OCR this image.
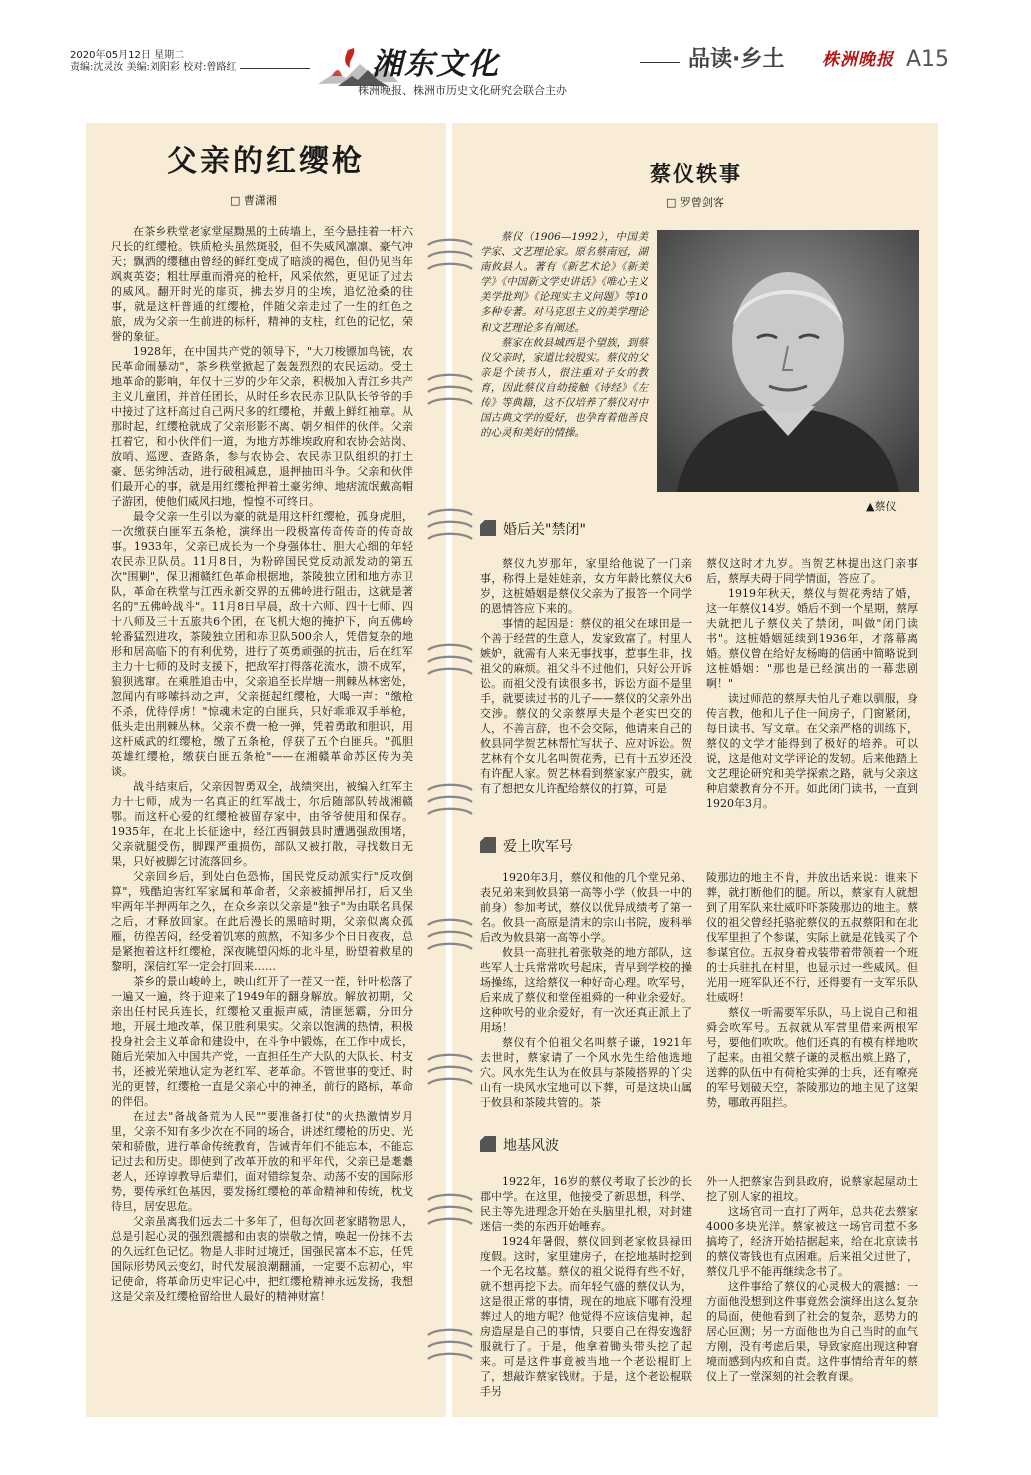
2020年05月12日 星期二
责编:沈灵汝 美编:刘阳彩 校对:曾路红	湘东文化
株洲晚报、株洲市历史文化研究会联合主办
品读·乡土 株洲晚报 A15
父亲的红缨枪
□ 曹潇湘

在茶乡秩堂老家堂屋黝黑的土砖墙上，至今悬挂着一杆六尺长的红缨枪。铁质枪头虽然斑驳，但不失威风凛凛、豪气冲天；飘洒的缨穗由曾经的鲜红变成了暗淡的褐色，但仍见当年飒爽英姿；粗壮厚重而滑亮的枪杆，风采依然，更见证了过去的威风。翻开时光的扉页，拂去岁月的尘埃，追忆沧桑的往事，就是这杆普通的红缨枪，伴随父亲走过了一生的红色之旅，成为父亲一生前进的标杆，精神的支柱，红色的记忆，荣誉的象征。

1928年，在中国共产党的领导下，"大刀梭镖加鸟铳，农民革命闹暴动"，茶乡秩堂掀起了轰轰烈烈的农民运动。受土地革命的影响，年仅十三岁的少年父亲，积极加入青江乡共产主义儿童团，并首任团长，从时任乡农民赤卫队队长爷爷的手中接过了这杆高过自己两尺多的红缨枪，并戴上鲜红袖章。从那时起，红缨枪就成了父亲形影不离、朝夕相伴的伙伴。父亲扛着它，和小伙伴们一道，为地方苏维埃政府和农协会站岗、放哨、巡逻、查路条，参与农协会、农民赤卫队组织的打土豪、惩劣绅活动，进行破租减息，退押抽田斗争。父亲和伙伴们最开心的事，就是用红缨枪押着土豪劣绅、地痞流氓戴高帽子游团，使他们威风扫地，惶惶不可终日。

最令父亲一生引以为豪的就是用这杆红缨枪，孤身虎胆，一次缴获白匪军五条枪，演绎出一段极富传奇传奇的传奇故事。1933年，父亲已成长为一个身强体壮、胆大心细的年轻农民赤卫队员。11月8日，为粉碎国民党反动派发动的第五次"围剿"，保卫湘赣红色革命根据地，茶陵独立团和地方赤卫队，革命在秩堂与江西永新交界的五佛岭进行阻击，这就是著名的"五佛岭战斗"。11月8日早晨，敌十六师、四十七师、四十八师及三十五旅共6个团，在飞机大炮的掩护下，向五佛岭轮番猛烈进攻，茶陵独立团和赤卫队500余人，凭借复杂的地形和居高临下的有利优势，进行了英勇顽强的抗击，后在红军主力十七师的及时支援下，把敌军打得落花流水，溃不成军，狼狈逃窜。在乘胜追击中，父亲追至长岸塘一荆棘丛林密处，忽闻内有哆嗦抖动之声，父亲挺起红缨枪，大喝一声："缴枪不杀，优待俘虏！"惊魂未定的白匪兵，只好乖乖双手举枪，低头走出荆棘丛林。父亲不费一枪一弹，凭着勇敢和胆识，用这杆威武的红缨枪，缴了五条枪，俘获了五个白匪兵。"孤胆英雄红缨枪，缴获白匪五条枪"——在湘赣革命苏区传为美谈。

战斗结束后，父亲因智勇双全，战绩突出，被编入红军主力十七师，成为一名真正的红军战士，尔后随部队转战湘赣鄂。而这杆心爱的红缨枪被留存家中，由爷爷使用和保存。1935年，在北上长征途中，经江西铜鼓县时遭遇强敌围堵，父亲就腿受伤，脚踝严重损伤，部队又被打散，寻找数日无果，只好被脚乞讨流落回乡。

父亲回乡后，到处白色恐怖，国民党反动派实行"反攻倒算"，残酷迫害红军家属和革命者，父亲被捕押吊打，后又坐牢两年半押两年之久，在众乡亲以父亲是"独子"为由联名具保之后，才释放回家。在此后漫长的黑暗时期，父亲似离众孤雁，彷徨苦闷，经受着饥寒的煎熬，不知多少个日日夜夜，总是紧抱着这杆红缨枪，深夜眺望闪烁的北斗星，盼望着救星的黎明，深信红军一定会打回来……

茶乡的景山峻岭上，映山红开了一茬又一茬，针叶松落了一遍又一遍，终于迎来了1949年的翻身解放。解放初期，父亲出任村民兵连长，红缨枪又重振声威，清匪惩霸，分田分地，开展土地改革，保卫胜利果实。父亲以饱满的热情，积极投身社会主义革命和建设中，在斗争中锻炼，在工作中成长，随后光荣加入中国共产党，一直担任生产大队的大队长、村支书，还被光荣地认定为老红军、老革命。不管世事的变迁、时光的更替，红缨枪一直是父亲心中的神圣，前行的路标，革命的伴侣。

在过去"备战备荒为人民""要准备打仗"的火热激情岁月里，父亲不知有多少次在不同的场合，讲述红缨枪的历史、光荣和骄傲，进行革命传统教育，告诫青年们不能忘本，不能忘记过去和历史。即使到了改革开放的和平年代，父亲已是耄耋老人，还谆谆教导后辈们，面对错综复杂、动荡不安的国际形势，要传承红色基因，要发扬红缨枪的革命精神和传统，枕戈待旦，居安思危。

父亲虽离我们远去二十多年了，但每次回老家睹物思人，总是引起心灵的强烈震撼和由衷的崇敬之情，唤起一份抹不去的久远红色记忆。物是人非时过境迁，国强民富本不忘，任凭国际形势风云变幻，时代发展浪潮翻涌，一定要不忘初心，牢记使命，将革命历史牢记心中，把红缨枪精神永远发扬，我想这是父亲及红缨枪留给世人最好的精神财富！

蔡仪轶事
□ 罗曾剑客

蔡仪（1906—1992），中国美学家、文艺理论家。原名蔡南冠，湖南攸县人。著有《新艺术论》《新美学》《中国新文学史讲话》《唯心主义美学批判》《论现实主义问题》等10多种专著。对马克思主义的美学理论和文艺理论多有阐述。

蔡家在攸县城西是个望族，到蔡仪父亲时，家道比较殷实。蔡仪的父亲是个读书人，很注重对子女的教育，因此蔡仪自幼接触《诗经》《左传》等典籍，这不仅培养了蔡仪对中国古典文学的爱好，也孕育着他善良的心灵和美好的情操。

▲蔡仪
婚后关"禁闭"

蔡仪九岁那年，家里给他说了一门亲事，称得上是娃娃亲，女方年龄比蔡仪大6岁，这桩婚姻是蔡仪父亲为了报答一个同学的恩情答应下来的。

事情的起因是：蔡仪的祖父在球田是一个善于经营的生意人，发家致富了。村里人嫉妒，就需有人来无事找事，惹事生非，找祖父的麻烦。祖父斗不过他们，只好公开诉讼。而祖父没有读很多书，诉讼方面不是里手，就要读过书的儿子——蔡仪的父亲外出交涉。蔡仪的父亲蔡厚夫是个老实巴交的人，不善言辞，也不会交际，他请来自己的攸县同学贺艺林帮忙写状子、应对诉讼。贺艺林有个女儿名叫贺花秀，已有十五岁还没有许配人家。贺艺林看到蔡家家产殷实，就有了想把女儿许配给蔡仪的打算，可是

蔡仪这时才九岁。当贺艺林提出这门亲事后，蔡厚夫碍于同学情面，答应了。

1919年秋天，蔡仪与贺花秀结了婚，这一年蔡仪14岁。婚后不到一个星期，蔡厚夫就把儿子蔡仪关了禁闭，叫做"闭门读书"。这桩婚姻延续到1936年，才落幕离婚。蔡仪曾在给好友杨晦的信函中简略说到这桩婚姻："那也是已经演出的一幕悲剧啊！"

读过师范的蔡厚夫怕儿子难以驯服，身传言教，他和儿子住一间房子，门窗紧闭，每日读书、写文章。在父亲严格的训练下，蔡仪的文学才能得到了极好的培养。可以说，这是他对文学评论的发轫。后来他踏上文艺理论研究和美学探索之路，就与父亲这种启蒙教育分不开。如此闭门读书，一直到1920年3月。

爱上吹军号

1920年3月，蔡仪和他的几个堂兄弟、表兄弟来到攸县第一高等小学（攸县一中的前身）参加考试，蔡仪以优异成绩考了第一名。攸县一高原是清末的宗山书院，废科举后改为攸县第一高等小学。

攸县一高驻扎着张敬尧的地方部队，这些军人士兵常常吹号起床，青早到学校的操场操练，这给蔡仪一种好奇心理。吹军号，后来成了蔡仪和堂侄祖舜的一种业余爱好。这种吹号的业余爱好，有一次还真正派上了用场！

蔡仪有个伯祖父名叫蔡子谦，1921年去世时，蔡家请了一个风水先生给他选地穴。风水先生认为在攸县与茶陵搭界的丫尖山有一块风水宝地可以下葬，可是这块山属于攸县和茶陵共管的。茶

陵那边的地主不肯，并放出话来说：谁来下葬，就打断他们的腿。所以，蔡家有人就想到了用军队来壮威吓吓茶陵那边的地主。蔡仪的祖父曾经托骆驼蔡仪的五叔蔡阳和在北伐军里担了个参谋，实际上就是花钱买了个参谋官位。五叔身着戎装带着带领着一个班的士兵驻扎在村里，也显示过一些威风。但光用一班军队还不行，还得要有一支军乐队壮威呀！

蔡仪一听需要军乐队，马上说自己和祖舜会吹军号。五叔就从军营里借来两根军号，要他们吹吹。他们还真的有模有样地吹了起来。由祖父蔡子谦的灵柩出殡上路了，送葬的队伍中有荷枪实弹的士兵，还有嘹亮的军号划破天空，茶陵那边的地主见了这架势，哪敢再阻拦。

地基风波

1922年，16岁的蔡仪考取了长沙的长郡中学。在这里，他接受了新思想，科学、民主等先进理念开始在头脑里扎根，对封建迷信一类的东西开始唾弃。

1924年暑假，蔡仪回到老家攸县禄田度假。这时，家里建房子，在挖地基时挖到一个无名坟墓。蔡仪的祖父说得有些不好，就不想再挖下去。而年轻气盛的蔡仪认为，这是很正常的事情，现在的地底下哪有没埋葬过人的地方呢？他觉得不应该信鬼神，起房造屋是自己的事情，只要自己在得安逸舒服就行了。于是，他拿着锄头带头挖了起来。可是这件事竟被当地一个老讼棍盯上了，想敲诈蔡家钱财。于是，这个老讼棍联手另

外一人把蔡家告到县政府，说蔡家起屋动土挖了别人家的祖坟。

这场官司一直打了两年，总共花去蔡家4000多块光洋。蔡家被这一场官司惹不多搞垮了，经济开始拮据起来，给在北京读书的蔡仪寄钱也有点困难。后来祖父过世了，蔡仪几乎不能再继续念书了。

这件事给了蔡仪的心灵极大的震撼：一方面他没想到这件事竟然会演绎出这么复杂的局面，使他看到了社会的复杂，恶势力的居心叵测；另一方面他也为自己当时的血气方刚，没有考虑后果，导致家庭出现这种窘境而感到内疚和自责。这件事情给青年的蔡仪上了一堂深刻的社会教育课。
